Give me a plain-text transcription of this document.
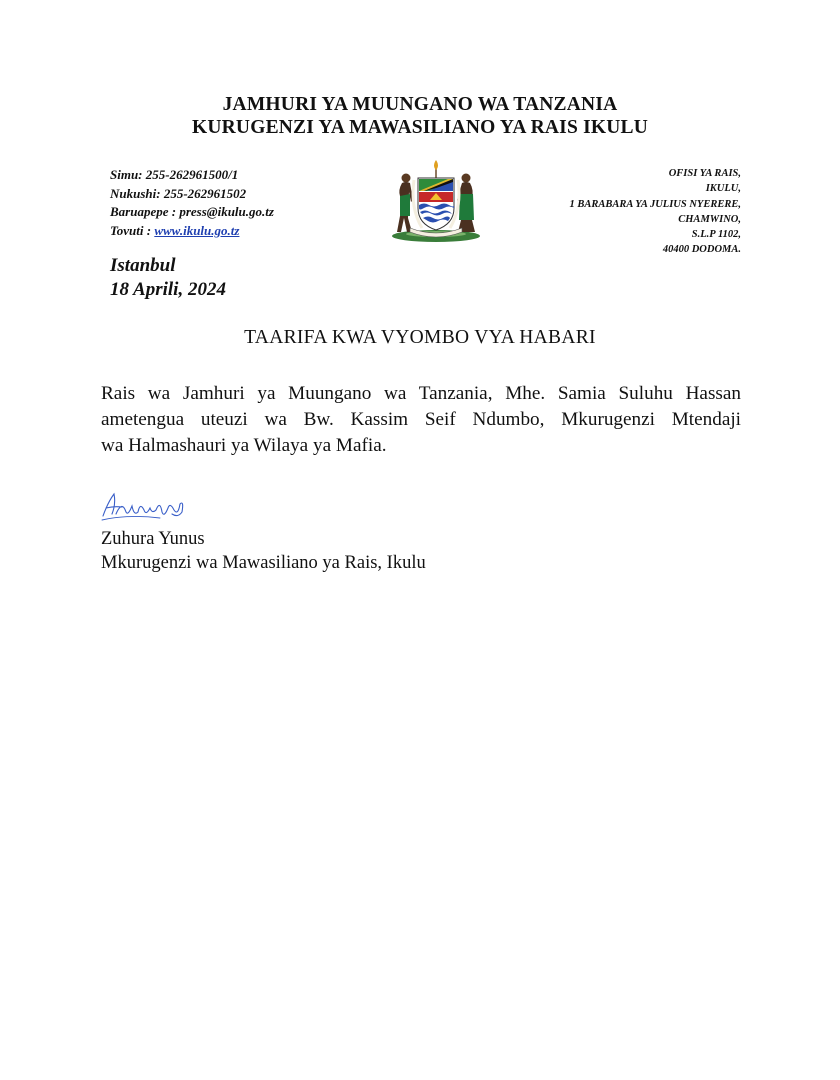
JAMHURI YA MUUNGANO WA TANZANIA
KURUGENZI YA MAWASILIANO YA RAIS IKULU
Simu: 255-262961500/1
Nukushi: 255-262961502
Baruapepe : press@ikulu.go.tz
Tovuti : www.ikulu.go.tz
OFISI YA RAIS,
IKULU,
1 BARABARA YA JULIUS NYERERE,
CHAMWINO,
S.L.P 1102,
40400 DODOMA.
Istanbul
18 Aprili, 2024
TAARIFA KWA VYOMBO VYA HABARI
Rais wa Jamhuri ya Muungano wa Tanzania, Mhe. Samia Suluhu Hassan
ametengua uteuzi wa Bw. Kassim Seif Ndumbo, Mkurugenzi Mtendaji
wa Halmashauri ya Wilaya ya Mafia.
Zuhura Yunus
Mkurugenzi wa Mawasiliano ya Rais, Ikulu
